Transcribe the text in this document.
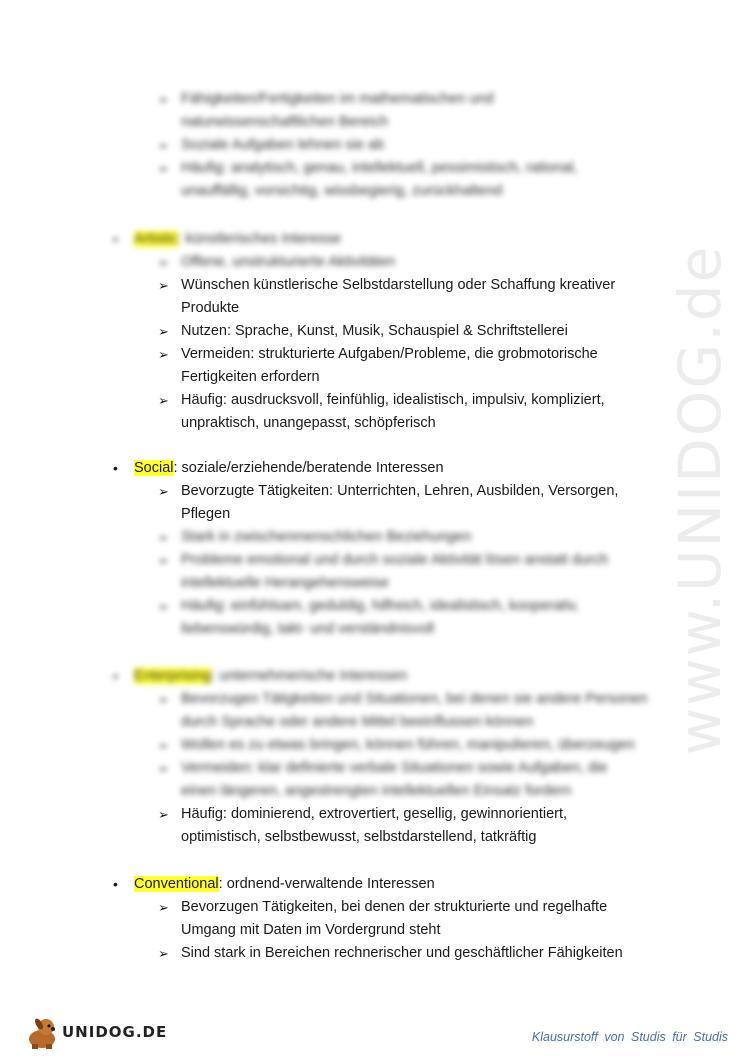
www.UNIDOG.de
➢ Fähigkeiten/Fertigkeiten im mathematischen und
naturwissenschaftlichen Bereich
➢ Soziale Aufgaben lehnen sie ab
➢ Häufig: analytisch, genau, intellektuell, pessimistisch, rational,
unauffällig, vorsichtig, wissbegierig, zurückhaltend
• Artistic: künstlerisches Interesse
➢ Offene, unstrukturierte Aktivitäten
➢ Wünschen künstlerische Selbstdarstellung oder Schaffung kreativer
Produkte
➢ Nutzen: Sprache, Kunst, Musik, Schauspiel & Schriftstellerei
➢ Vermeiden: strukturierte Aufgaben/Probleme, die grobmotorische
Fertigkeiten erfordern
➢ Häufig: ausdrucksvoll, feinfühlig, idealistisch, impulsiv, kompliziert,
unpraktisch, unangepasst, schöpferisch
• Social: soziale/erziehende/beratende Interessen
➢ Bevorzugte Tätigkeiten: Unterrichten, Lehren, Ausbilden, Versorgen,
Pflegen
➢ Stark in zwischenmenschlichen Beziehungen
➢ Probleme emotional und durch soziale Aktivität lösen anstatt durch
intellektuelle Herangehensweise
➢ Häufig: einfühlsam, geduldig, hilfreich, idealistisch, kooperativ,
liebenswürdig, takt- und verständnisvoll
• Enterprising: unternehmerische Interessen
➢ Bevorzugen Tätigkeiten und Situationen, bei denen sie andere Personen
durch Sprache oder andere Mittel beeinflussen können
➢ Wollen es zu etwas bringen, können führen, manipulieren, überzeugen
➢ Vermeiden: klar definierte verbale Situationen sowie Aufgaben, die
einen längeren, angestrengten intellektuellen Einsatz fordern
➢ Häufig: dominierend, extrovertiert, gesellig, gewinnorientiert,
optimistisch, selbstbewusst, selbstdarstellend, tatkräftig
• Conventional: ordnend-verwaltende Interessen
➢ Bevorzugen Tätigkeiten, bei denen der strukturierte und regelhafte
Umgang mit Daten im Vordergrund steht
➢ Sind stark in Bereichen rechnerischer und geschäftlicher Fähigkeiten
UNIDOG.DE	Klausurstoff von Studis für Studis
